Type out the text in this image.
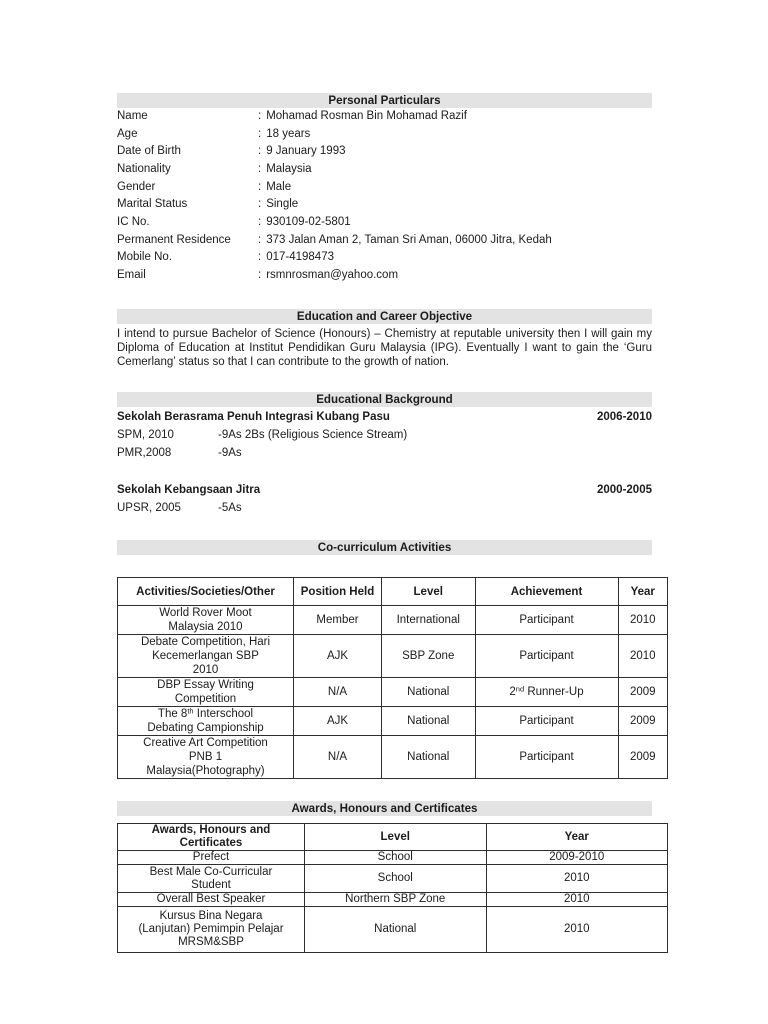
Personal Particulars
Name	: Mohamad Rosman Bin Mohamad Razif
Age	: 18 years
Date of Birth	: 9 January 1993
Nationality	: Malaysia
Gender	: Male
Marital Status	: Single
IC No.	: 930109-02-5801
Permanent Residence	: 373 Jalan Aman 2, Taman Sri Aman, 06000 Jitra, Kedah
Mobile No.	: 017-4198473
Email	: rsmnrosman@yahoo.com
Education and Career Objective

I intend to pursue Bachelor of Science (Honours) – Chemistry at reputable university then I will gain my Diploma of Education at Institut Pendidikan Guru Malaysia (IPG). Eventually I want to gain the ‘Guru Cemerlang’ status so that I can contribute to the growth of nation.

Educational Background
Sekolah Berasrama Penuh Integrasi Kubang Pasu	2006-2010
SPM, 2010	-9As 2Bs (Religious Science Stream)
PMR,2008	-9As
Sekolah Kebangsaan Jitra	2000-2005
UPSR, 2005	-5As
Co-curriculum Activities
Activities/Societies/Other	Position Held	Level	Achievement	Year
World Rover Moot Malaysia 2010	Member	International	Participant	2010
Debate Competition, Hari Kecemerlangan SBP 2010	AJK	SBP Zone	Participant	2010
DBP Essay Writing Competition	N/A	National	2nd Runner-Up	2009
The 8th Interschool Debating Campionship	AJK	National	Participant	2009
Creative Art Competition PNB 1 Malaysia(Photography)	N/A	National	Participant	2009
Awards, Honours and Certificates
Awards, Honours and Certificates	Level	Year
Prefect	School	2009-2010
Best Male Co-Curricular Student	School	2010
Overall Best Speaker	Northern SBP Zone	2010
Kursus Bina Negara (Lanjutan) Pemimpin Pelajar MRSM&SBP	National	2010
